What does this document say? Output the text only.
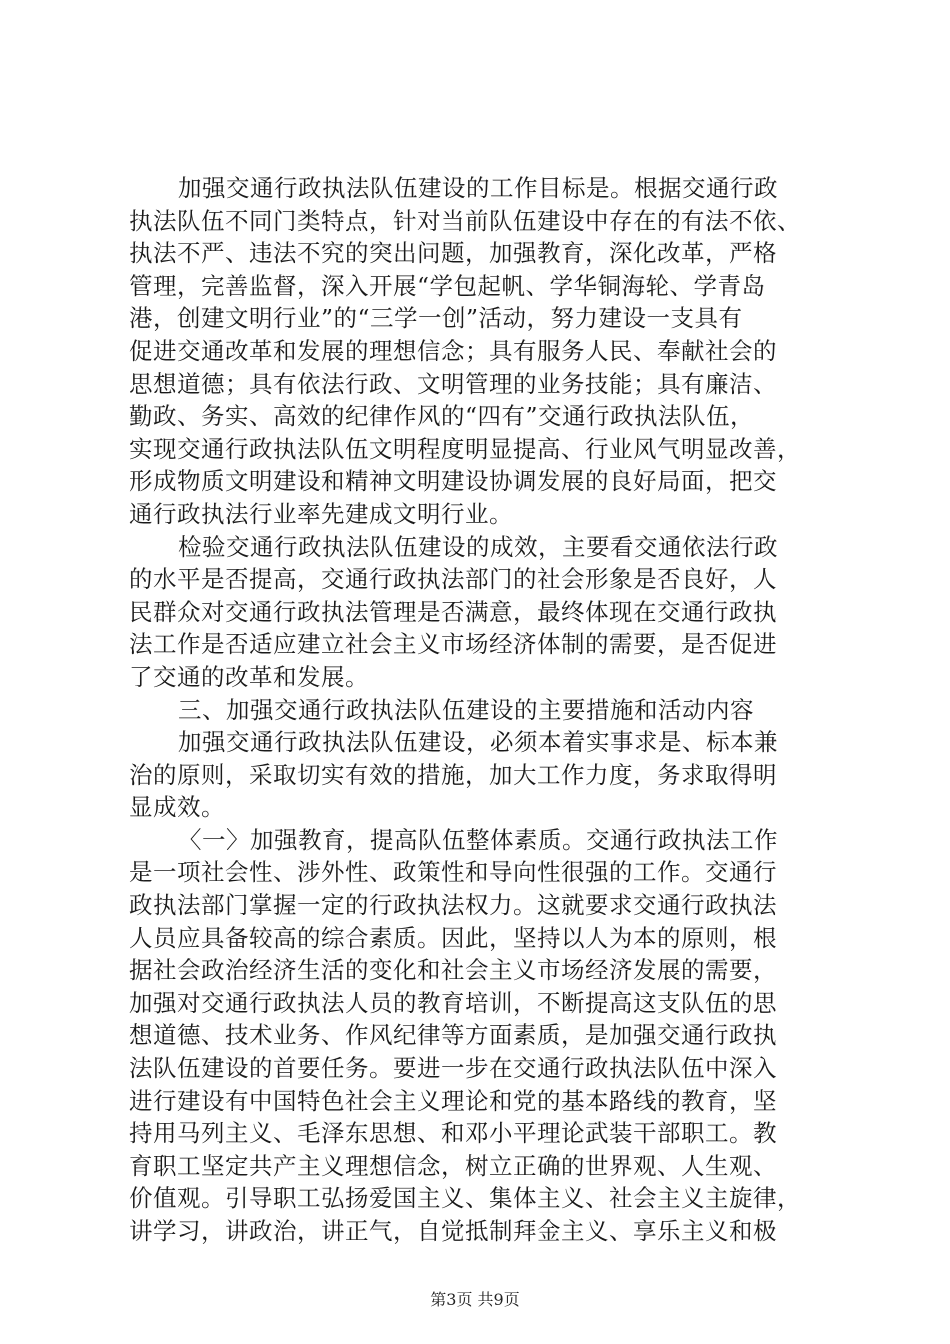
加强交通行政执法队伍建设的工作目标是。根据交通行政
执法队伍不同门类特点，针对当前队伍建设中存在的有法不依、
执法不严、违法不究的突出问题，加强教育，深化改革，严格
管理，完善监督，深入开展“学包起帆、学华铜海轮、学青岛
港，创建文明行业”的“三学一创”活动，努力建设一支具有
促进交通改革和发展的理想信念；具有服务人民、奉献社会的
思想道德；具有依法行政、文明管理的业务技能；具有廉洁、
勤政、务实、高效的纪律作风的“四有”交通行政执法队伍，
实现交通行政执法队伍文明程度明显提高、行业风气明显改善，
形成物质文明建设和精神文明建设协调发展的良好局面，把交
通行政执法行业率先建成文明行业。
检验交通行政执法队伍建设的成效，主要看交通依法行政
的水平是否提高，交通行政执法部门的社会形象是否良好，人
民群众对交通行政执法管理是否满意，最终体现在交通行政执
法工作是否适应建立社会主义市场经济体制的需要，是否促进
了交通的改革和发展。
三、加强交通行政执法队伍建设的主要措施和活动内容
加强交通行政执法队伍建设，必须本着实事求是、标本兼
治的原则，采取切实有效的措施，加大工作力度，务求取得明
显成效。
〈一〉加强教育，提高队伍整体素质。交通行政执法工作
是一项社会性、涉外性、政策性和导向性很强的工作。交通行
政执法部门掌握一定的行政执法权力。这就要求交通行政执法
人员应具备较高的综合素质。因此，坚持以人为本的原则，根
据社会政治经济生活的变化和社会主义市场经济发展的需要，
加强对交通行政执法人员的教育培训，不断提高这支队伍的思
想道德、技术业务、作风纪律等方面素质，是加强交通行政执
法队伍建设的首要任务。要进一步在交通行政执法队伍中深入
进行建设有中国特色社会主义理论和党的基本路线的教育，坚
持用马列主义、毛泽东思想、和邓小平理论武装干部职工。教
育职工坚定共产主义理想信念，树立正确的世界观、人生观、
价值观。引导职工弘扬爱国主义、集体主义、社会主义主旋律，
讲学习，讲政治，讲正气，自觉抵制拜金主义、享乐主义和极
第3页 共9页
